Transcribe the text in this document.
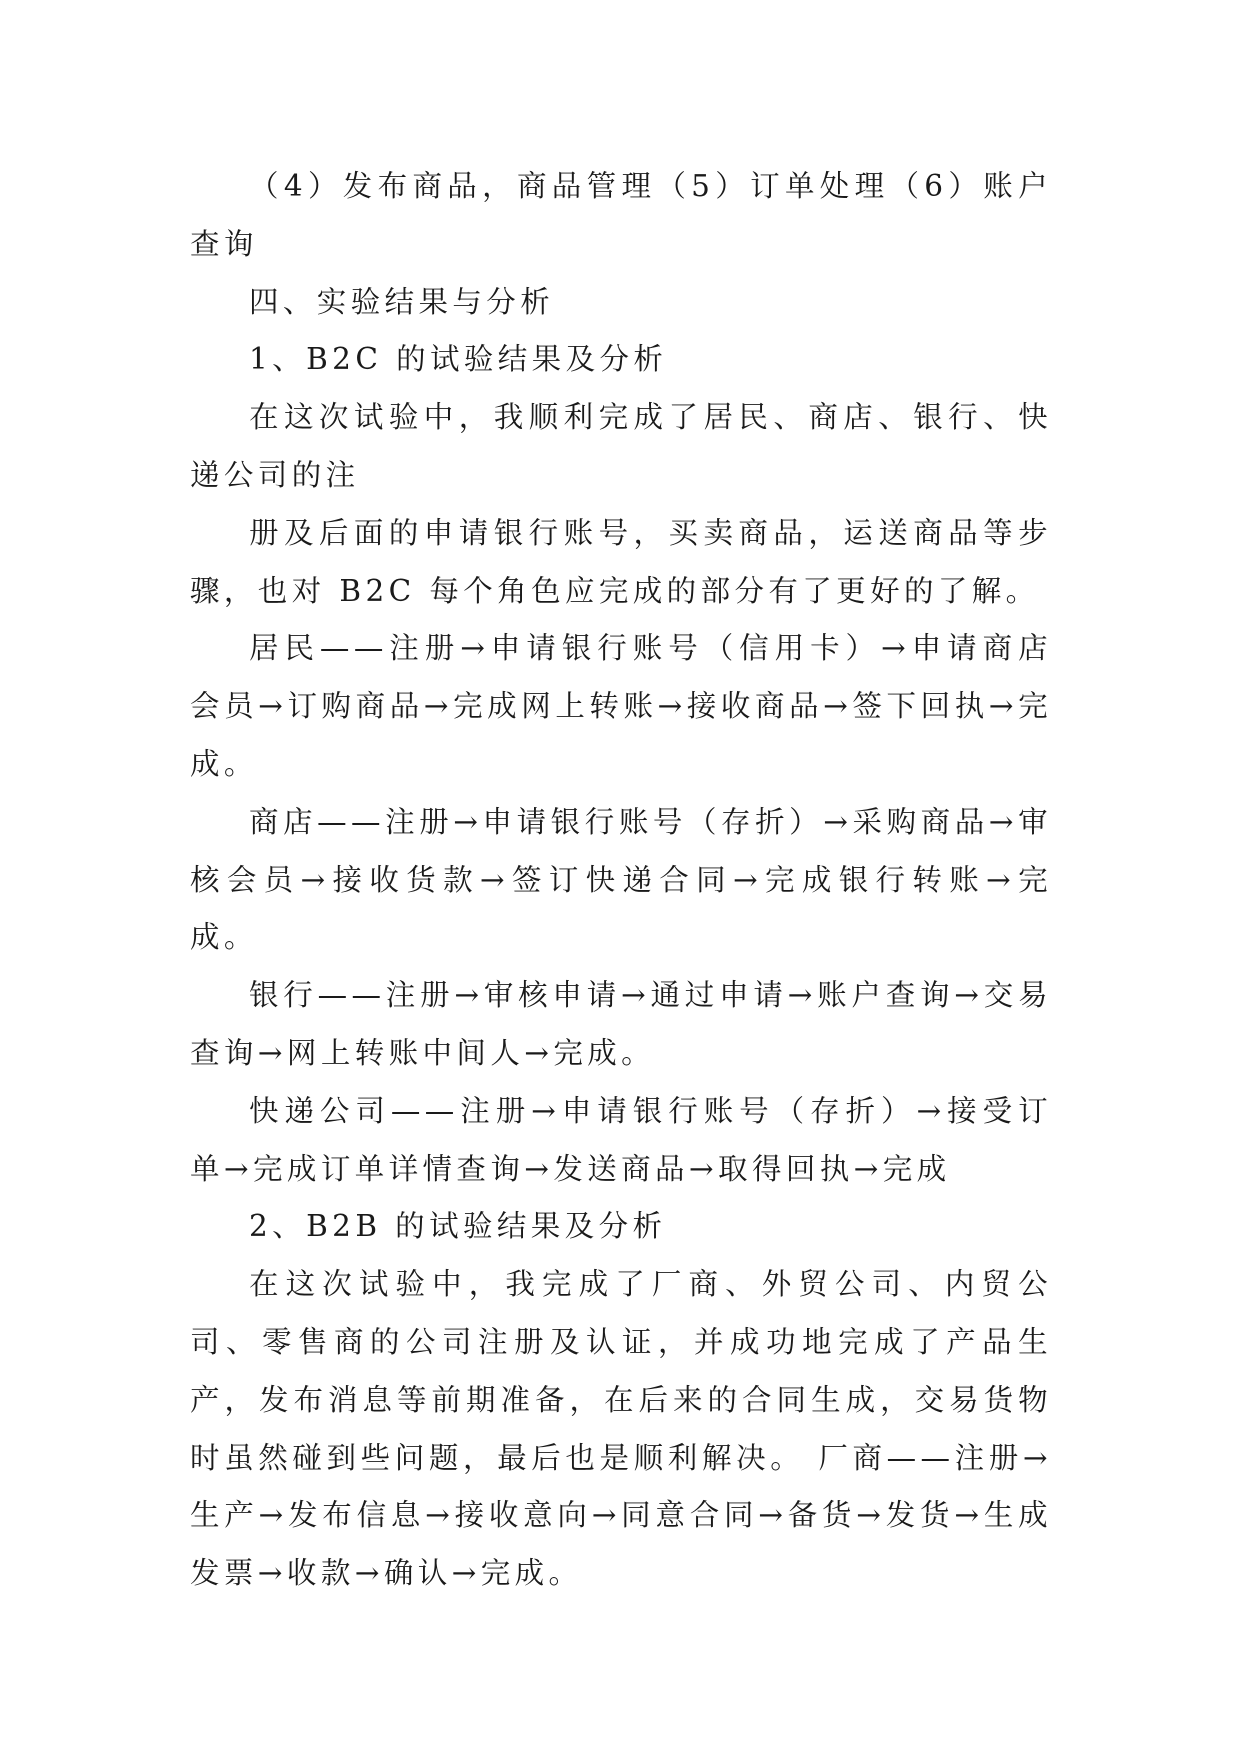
（4）发布商品，商品管理（5）订单处理（6）账户查询

四、实验结果与分析

1、B2C 的试验结果及分析

在这次试验中，我顺利完成了居民、商店、银行、快递公司的注

册及后面的申请银行账号，买卖商品，运送商品等步骤，也对 B2C 每个角色应完成的部分有了更好的了解。

居民——注册→申请银行账号（信用卡）→申请商店会员→订购商品→完成网上转账→接收商品→签下回执→完成。

商店——注册→申请银行账号（存折）→采购商品→审核会员→接收货款→签订快递合同→完成银行转账→完成。

银行——注册→审核申请→通过申请→账户查询→交易查询→网上转账中间人→完成。

快递公司——注册→申请银行账号（存折）→接受订单→完成订单详情查询→发送商品→取得回执→完成

2、B2B 的试验结果及分析

在这次试验中，我完成了厂商、外贸公司、内贸公司、零售商的公司注册及认证，并成功地完成了产品生产，发布消息等前期准备，在后来的合同生成，交易货物时虽然碰到些问题，最后也是顺利解决。 厂商——注册→生产→发布信息→接收意向→同意合同→备货→发货→生成发票→收款→确认→完成。
